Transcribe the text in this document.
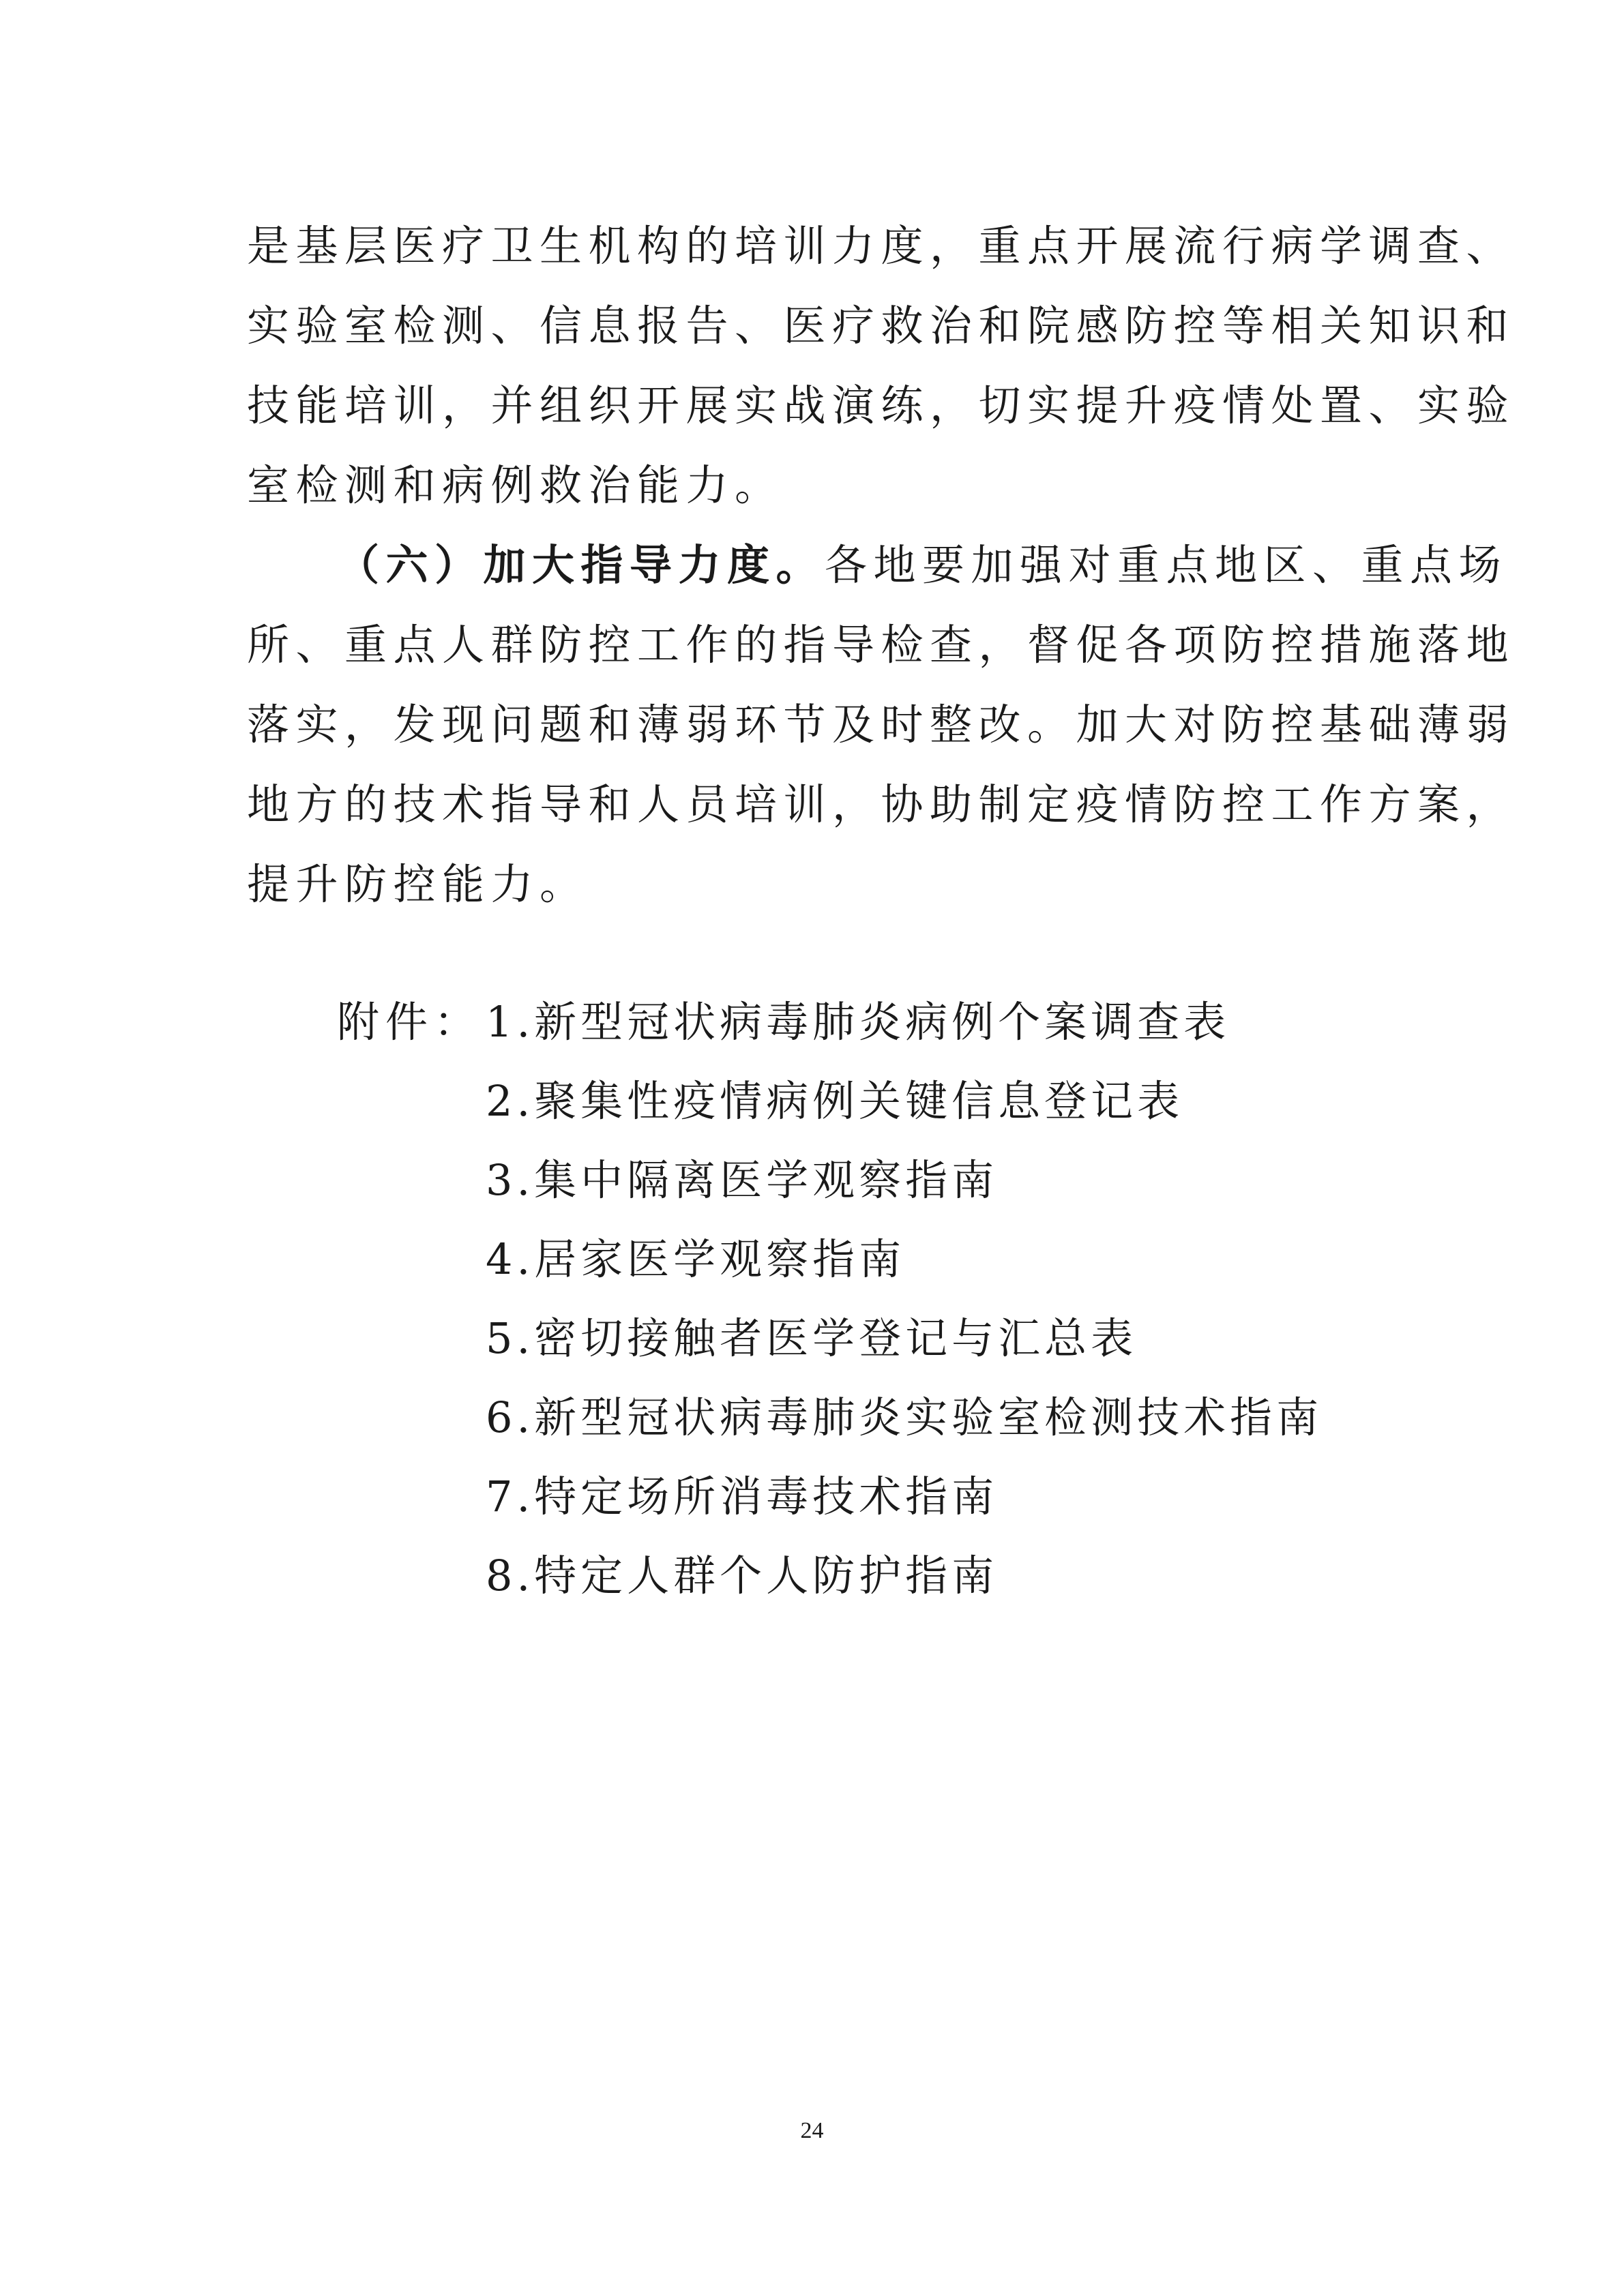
是基层医疗卫生机构的培训力度，重点开展流行病学调查、
实验室检测、信息报告、医疗救治和院感防控等相关知识和
技能培训，并组织开展实战演练，切实提升疫情处置、实验
室检测和病例救治能力。
（六）加大指导力度。各地要加强对重点地区、重点场
所、重点人群防控工作的指导检查，督促各项防控措施落地
落实，发现问题和薄弱环节及时整改。加大对防控基础薄弱
地方的技术指导和人员培训，协助制定疫情防控工作方案，
提升防控能力。
附件： 1.新型冠状病毒肺炎病例个案调查表
2.聚集性疫情病例关键信息登记表
3.集中隔离医学观察指南
4.居家医学观察指南
5.密切接触者医学登记与汇总表
6.新型冠状病毒肺炎实验室检测技术指南
7.特定场所消毒技术指南
8.特定人群个人防护指南
24
